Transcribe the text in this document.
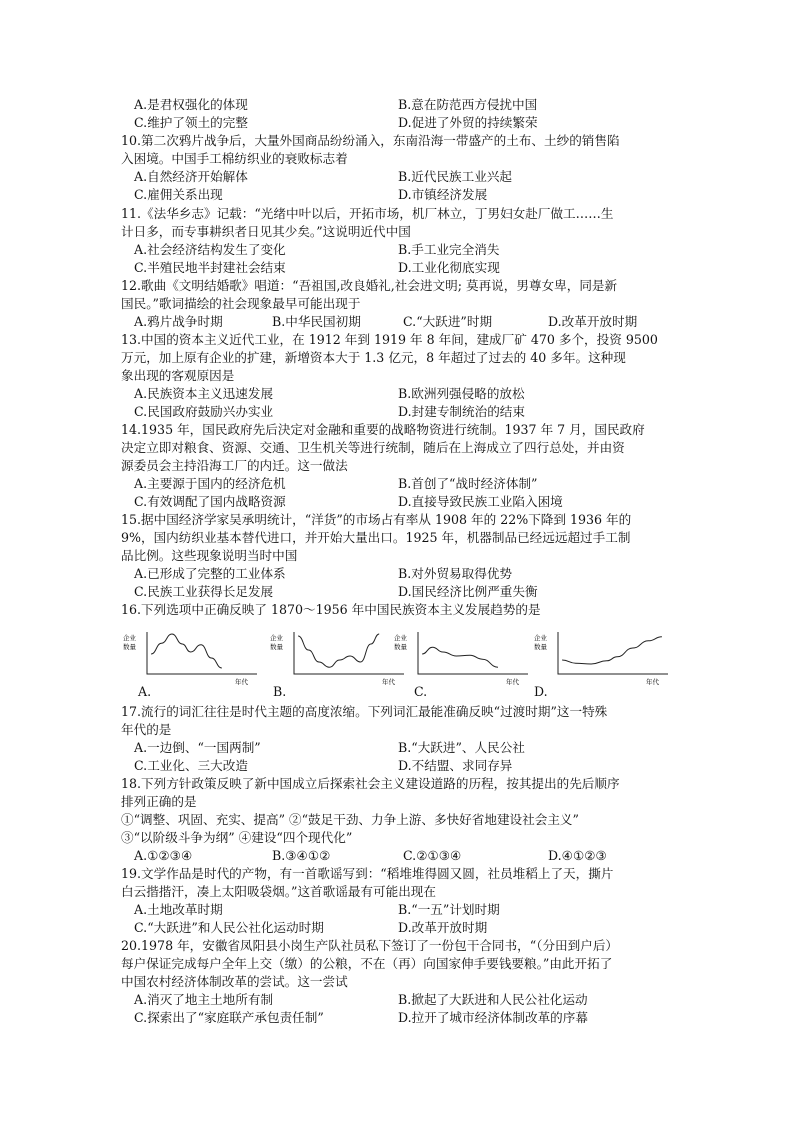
A.是君权强化的体现	B.意在防范西方侵扰中国
C.维护了领土的完整	D.促进了外贸的持续繁荣
10.第二次鸦片战争后，大量外国商品纷纷涌入，东南沿海一带盛产的土布、土纱的销售陷
入困境。中国手工棉纺织业的衰败标志着
A.自然经济开始解体	B.近代民族工业兴起
C.雇佣关系出现	D.市镇经济发展
11.《法华乡志》记载：“光绪中叶以后，开拓市场，机厂林立，丁男妇女赴厂做工……生
计日多，而专事耕织者日见其少矣。”这说明近代中国
A.社会经济结构发生了变化	B.手工业完全消失
C.半殖民地半封建社会结束	D.工业化彻底实现
12.歌曲《文明结婚歌》唱道：“吾祖国,改良婚礼,社会进文明; 莫再说，男尊女卑，同是新
国民。”歌词描绘的社会现象最早可能出现于
A.鸦片战争时期	B.中华民国初期	C.“大跃进”时期	D.改革开放时期
13.中国的资本主义近代工业，在 1912 年到 1919 年 8 年间，建成厂矿 470 多个，投资 9500
万元，加上原有企业的扩建，新增资本大于 1.3 亿元，8 年超过了过去的 40 多年。这种现
象出现的客观原因是
A.民族资本主义迅速发展	B.欧洲列强侵略的放松
C.民国政府鼓励兴办实业	D.封建专制统治的结束
14.1935 年，国民政府先后決定对金融和重要的战略物资进行统制。1937 年 7 月，国民政府
决定立即对粮食、资源、交通、卫生机关等进行统制，随后在上海成立了四行总处，并由资
源委员会主持沿海工厂的内迁。这一做法
A.主要源于国内的经济危机	B.首创了“战时经济体制”
C.有效调配了国内战略资源	D.直接导致民族工业陷入困境
15.据中国经济学家吴承明统计，“洋货”的市场占有率从 1908 年的 22%下降到 1936 年的
9%，国内纺织业基本替代进口，并开始大量出口。1925 年，机器制品已经远远超过手工制
品比例。这些现象说明当时中国
A.已形成了完整的工业体系	B.对外贸易取得优势
C.民族工业获得长足发展	D.国民经济比例严重失衡
16.下列选项中正确反映了 1870～1956 年中国民族资本主义发展趋势的是
17.流行的词汇往往是时代主题的高度浓缩。下列词汇最能准确反映“过渡时期”这一特殊
年代的是
A.一边倒、“一国两制”	B.“大跃进”、人民公社
C.工业化、三大改造	D.不结盟、求同存异
18.下列方针政策反映了新中国成立后探索社会主义建设道路的历程，按其提出的先后顺序
排列正确的是
①“调整、巩固、充实、提高” ②“鼓足干劲、力争上游、多快好省地建设社会主义”
③“以阶级斗争为纲” ④建设“四个现代化”
A.①②③④	B.③④①②	C.②①③④	D.④①②③
19.文学作品是时代的产物，有一首歌谣写到：“稻堆堆得圆又圆，社员堆稻上了天，撕片
白云揩揩汗，凑上太阳吸袋烟。”这首歌谣最有可能出现在
A.土地改革时期	B.“一五”计划时期
C.“大跃进”和人民公社化运动时期	D.改革开放时期
20.1978 年，安徽省凤阳县小岗生产队社员私下签订了一份包干合同书，“（分田到户后）
每户保证完成每户全年上交（缴）的公粮，不在（再）向国家伸手要钱要粮。”由此开拓了
中国农村经济体制改革的尝试。这一尝试
A.消灭了地主土地所有制	B.掀起了大跃进和人民公社化运动
C.探索出了“家庭联产承包责任制”	D.拉开了城市经济体制改革的序幕
企业
数量
年代
A.
企业
数量
年代
B.
企业
数量
年代
C.
企业
数量
年代
D.
